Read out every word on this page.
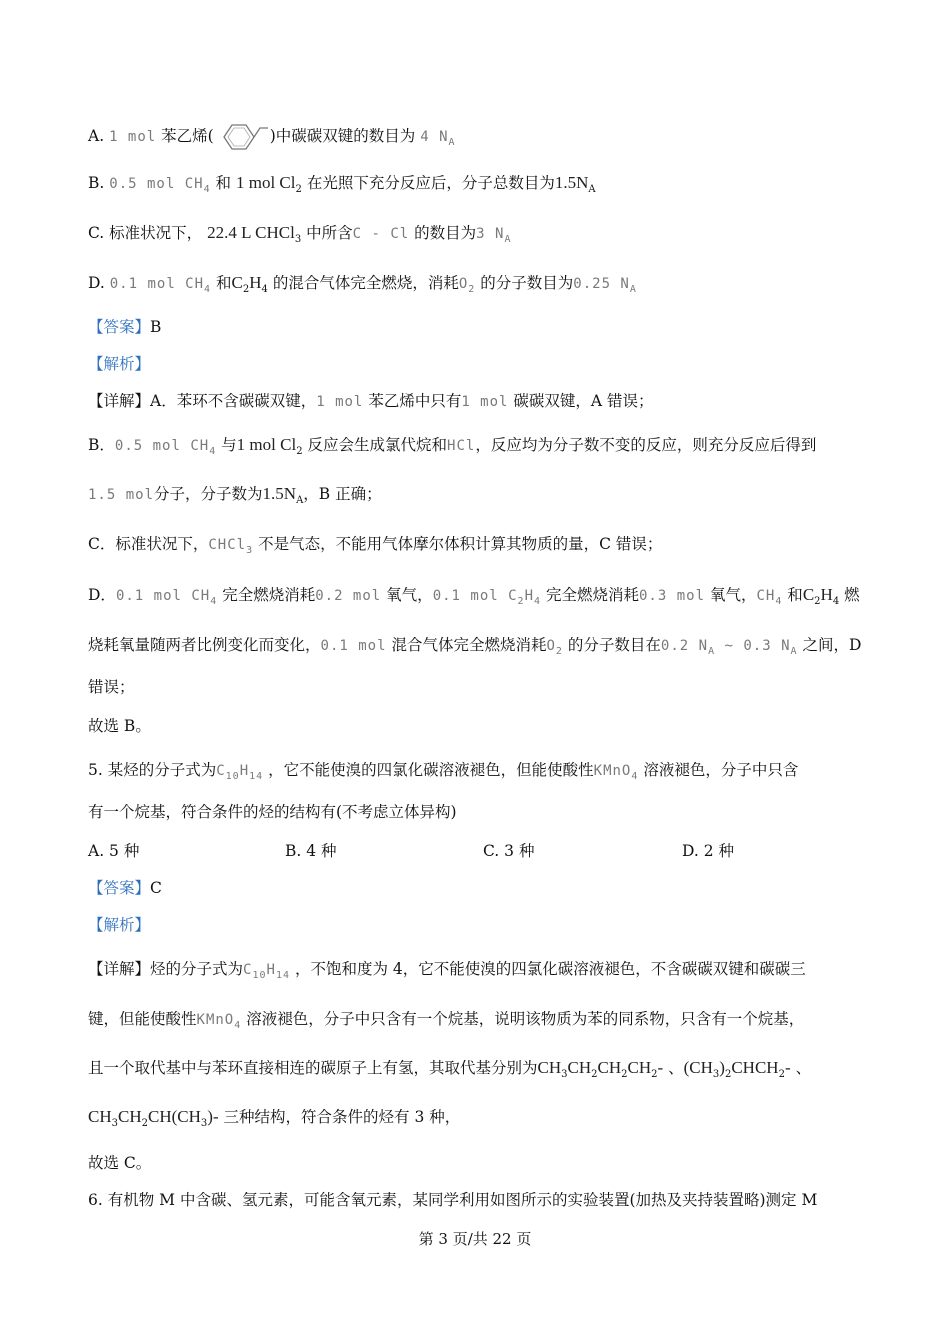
A. 1 mol 苯乙烯(	)中碳碳双键的数目为 4 $N_A$
B. 0.5 mol $CH_4$ 和 1 mol $Cl_2$ 在光照下充分反应后，分子总数目为$1.5N_A$
C. 标准状况下， 22.4 L CHCl$_3$ 中所含C - Cl 的数目为3 $N_A$
D. 0.1 mol $CH_4$ 和$C_2H_4$ 的混合气体完全燃烧，消耗$O_2$ 的分子数目为0.25 $N_A$
【答案】B
【解析】
【详解】A．苯环不含碳碳双键，1 mol 苯乙烯中只有1 mol 碳碳双键，A 错误；
B．0.5 mol $CH_4$ 与1 mol $Cl_2$ 反应会生成氯代烷和HCl，反应均为分子数不变的反应，则充分反应后得到
1.5 mol分子，分子数为$1.5N_A$，B 正确；
C．标准状况下，CHCl$_3$ 不是气态，不能用气体摩尔体积计算其物质的量，C 错误；
D．0.1 mol $CH_4$ 完全燃烧消耗0.2 mol 氧气，0.1 mol $C_2H_4$ 完全燃烧消耗0.3 mol 氧气，$CH_4$ 和$C_2H_4$ 燃
烧耗氧量随两者比例变化而变化，0.1 mol 混合气体完全燃烧消耗$O_2$ 的分子数目在0.2 $N_A$ ~ 0.3 $N_A$ 之间，D
错误；
故选 B。
5. 某烃的分子式为$C_{10}H_{14}$ ，它不能使溴的四氯化碳溶液褪色，但能使酸性KMnO$_4$ 溶液褪色，分子中只含
有一个烷基，符合条件的烃的结构有(不考虑立体异构)
A. 5 种	B. 4 种	C. 3 种	D. 2 种
【答案】C
【解析】
【详解】烃的分子式为$C_{10}H_{14}$ ，不饱和度为 4，它不能使溴的四氯化碳溶液褪色，不含碳碳双键和碳碳三
键，但能使酸性KMnO$_4$ 溶液褪色，分子中只含有一个烷基，说明该物质为苯的同系物，只含有一个烷基，
且一个取代基中与苯环直接相连的碳原子上有氢，其取代基分别为$CH_3CH_2CH_2CH_2-$ 、$(CH_3)_2CHCH_2-$ 、
$CH_3CH_2CH(CH_3)-$ 三种结构，符合条件的烃有 3 种，
故选 C。
6. 有机物 M 中含碳、氢元素，可能含氧元素，某同学利用如图所示的实验装置(加热及夹持装置略)测定 M
第 3 页/共 22 页
